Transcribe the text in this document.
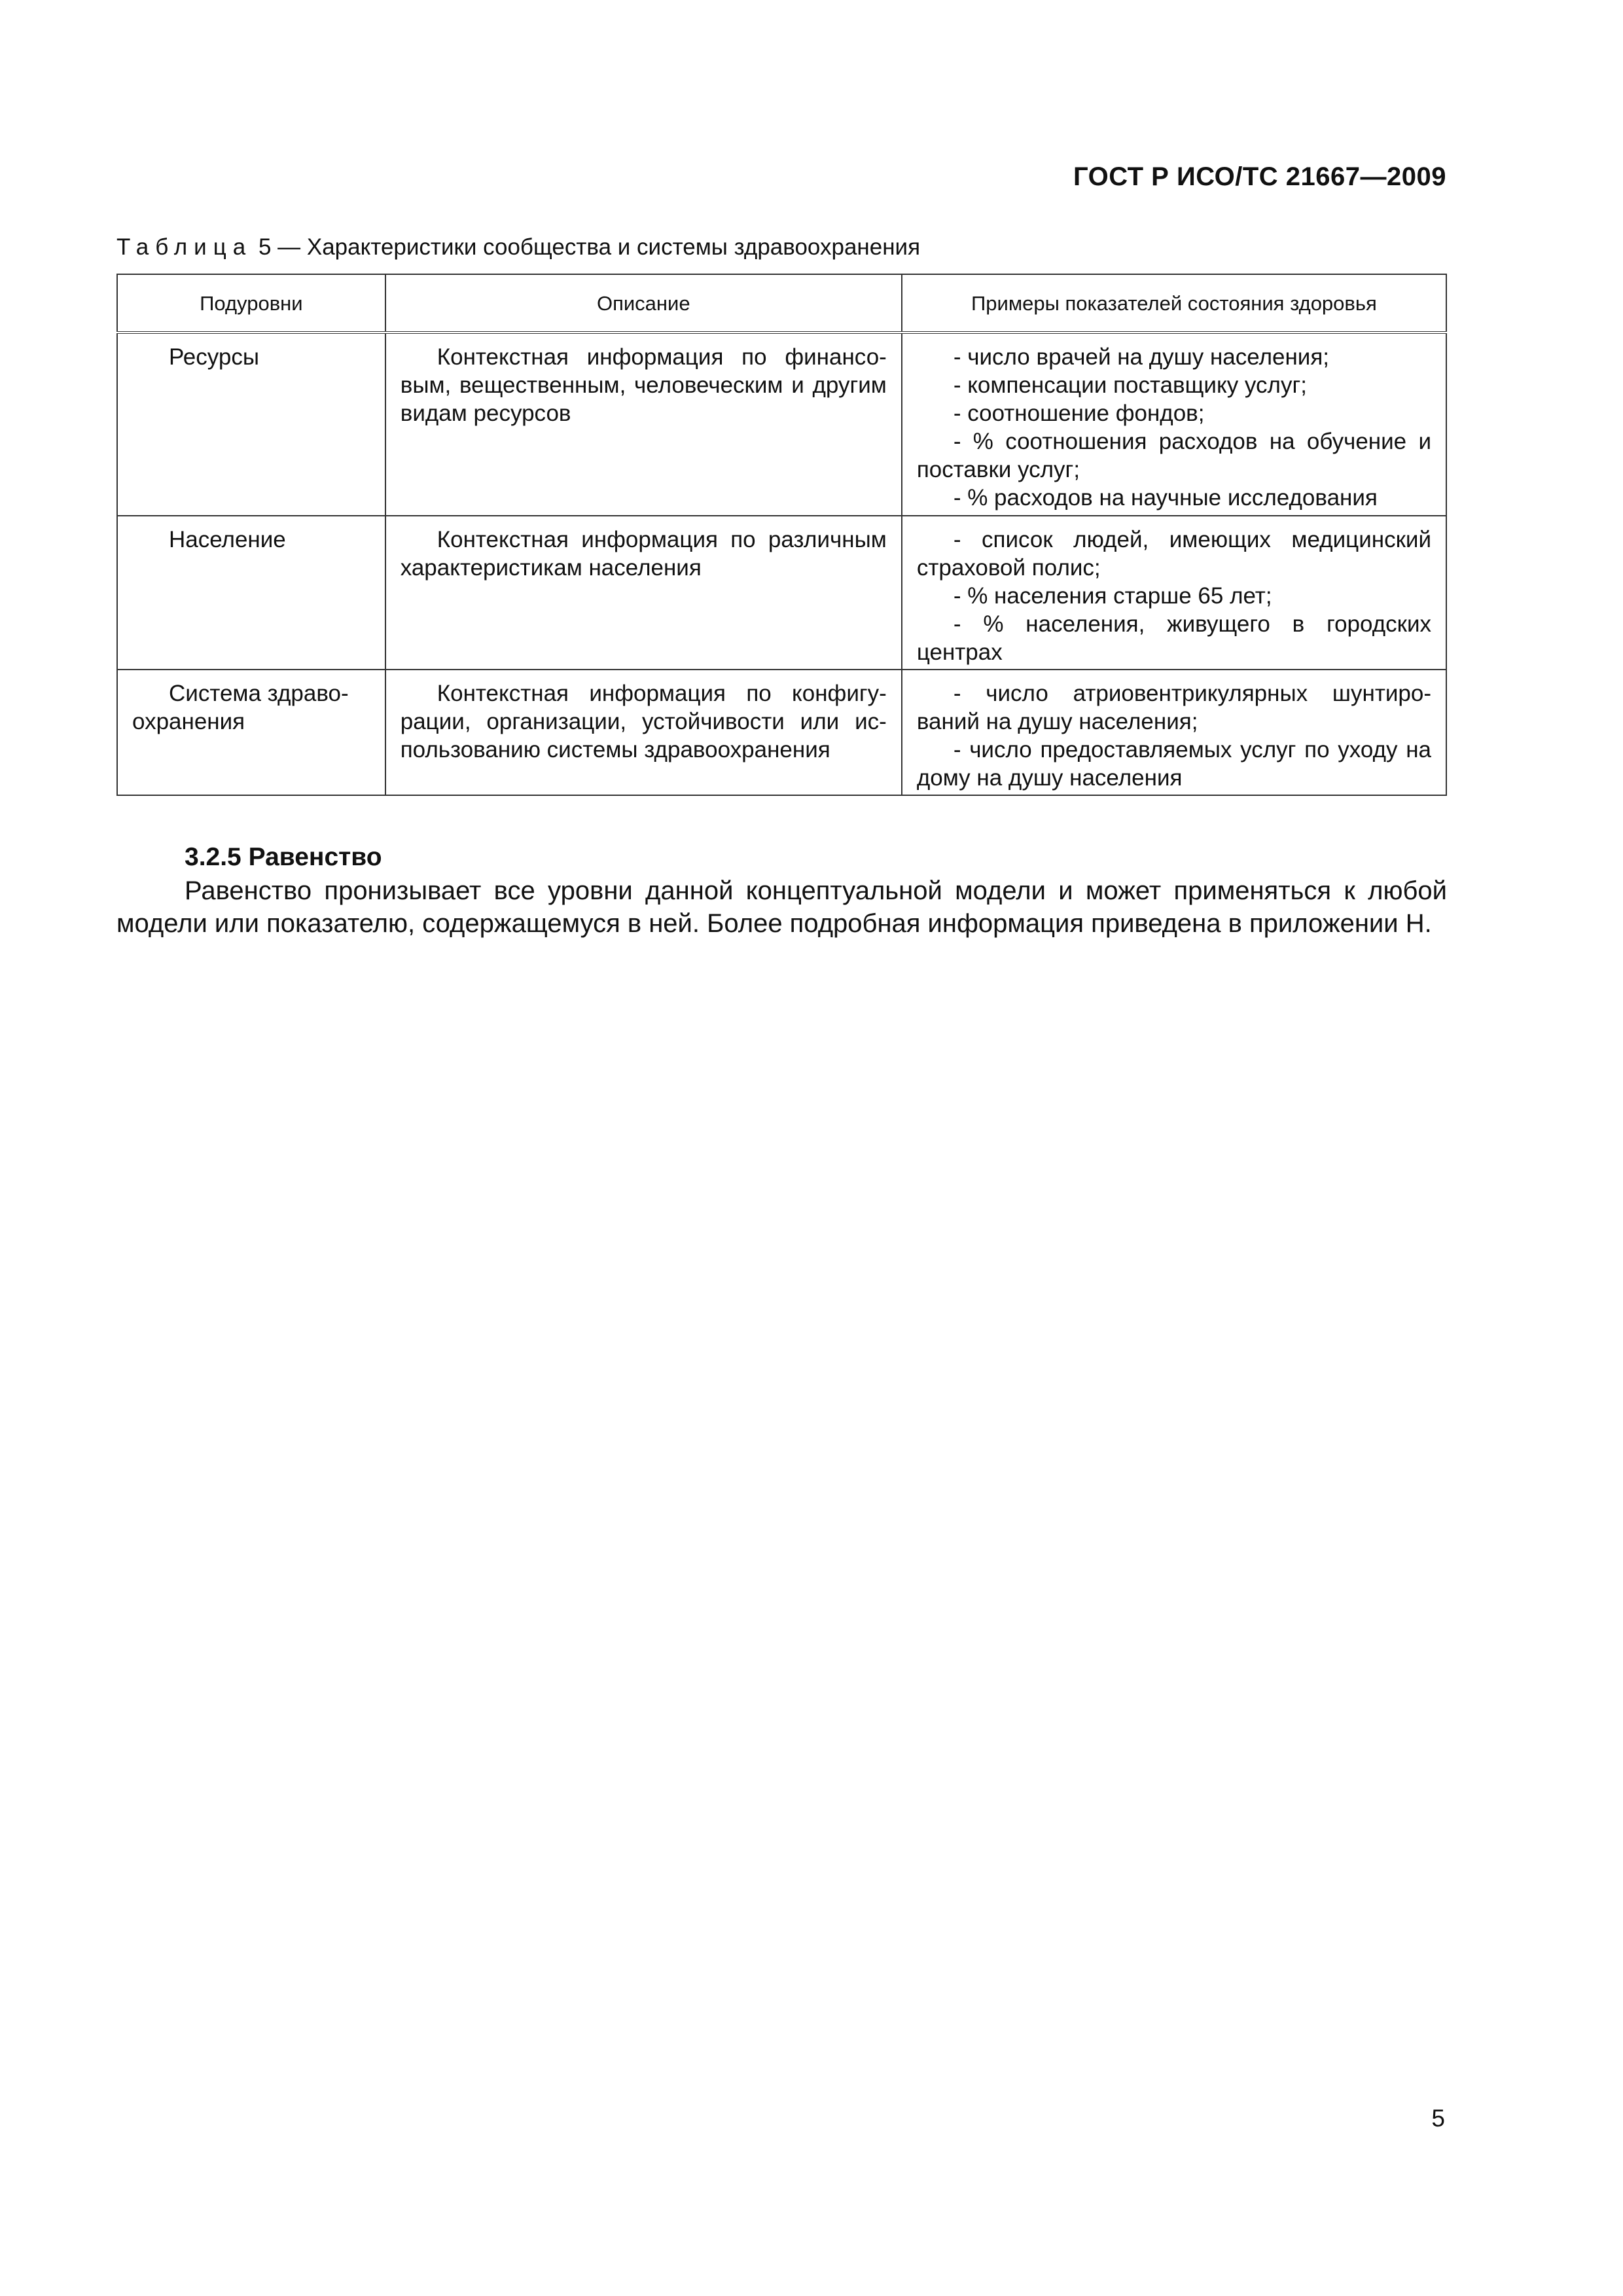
ГОСТ Р ИСО/ТС 21667—2009
Таблица 5 — Характеристики сообщества и системы здравоохранения
Подуровни	Описание	Примеры показателей состояния здоровья
Ресурсы	Контекстная информация по финансовым, вещественным, человеческим и другим видам ресурсов	- число врачей на душу населения;
- компенсации поставщику услуг;
- соотношение фондов;
- % соотношения расходов на обучение и поставки услуг;
- % расходов на научные исследования

Население	Контекстная информация по различным характеристикам населения	- список людей, имеющих медицинский страховой полис;
- % населения старше 65 лет;
- % населения, живущего в городских центрах

Система здравоохранения	Контекстная информация по конфигурации, организации, устойчивости или использованию системы здравоохранения	- число атриовентрикулярных шунтирований на душу населения;
- число предоставляемых услуг по уходу на дому на душу населения
3.2.5 Равенство
Равенство пронизывает все уровни данной концептуальной модели и может применяться к любой модели или показателю, содержащемуся в ней. Более подробная информация приведена в приложении Н.
5
